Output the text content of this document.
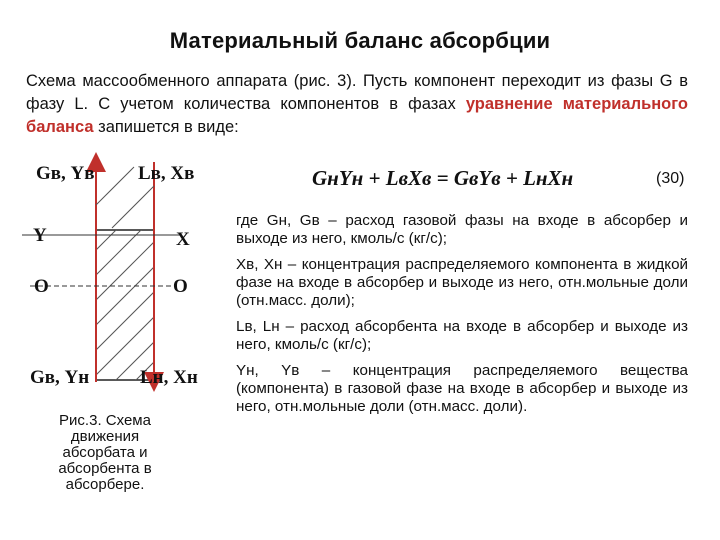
Материальный баланс абсорбции
Схема массообменного аппарата (рис. 3). Пусть компонент переходит из фазы G в фазу L. С учетом количества компонентов в фазах уравнение материального баланса запишется в виде:
Gв, Yв Lв, Xв
Y	X
O	O
Gв, Yн	Lн, Xн
Рис.3. Схема движения абсорбата и абсорбента в абсорбере.
GнYн + LвXв = GвYв + LнXн	(30)

где Gн, Gв – расход газовой фазы на входе в абсорбер и выходе из него, кмоль/с (кг/с);

Xв, Xн – концентрация распределяемого компонента в жидкой фазе на входе в абсорбер и выходе из него, отн.мольные доли (отн.масс. доли);

Lв, Lн – расход абсорбента на входе в абсорбер и выходе из него, кмоль/с (кг/с);

Yн, Yв – концентрация распределяемого вещества (компонента) в газовой фазе на входе в абсорбер и выходе из него, отн.мольные доли (отн.масс. доли).
